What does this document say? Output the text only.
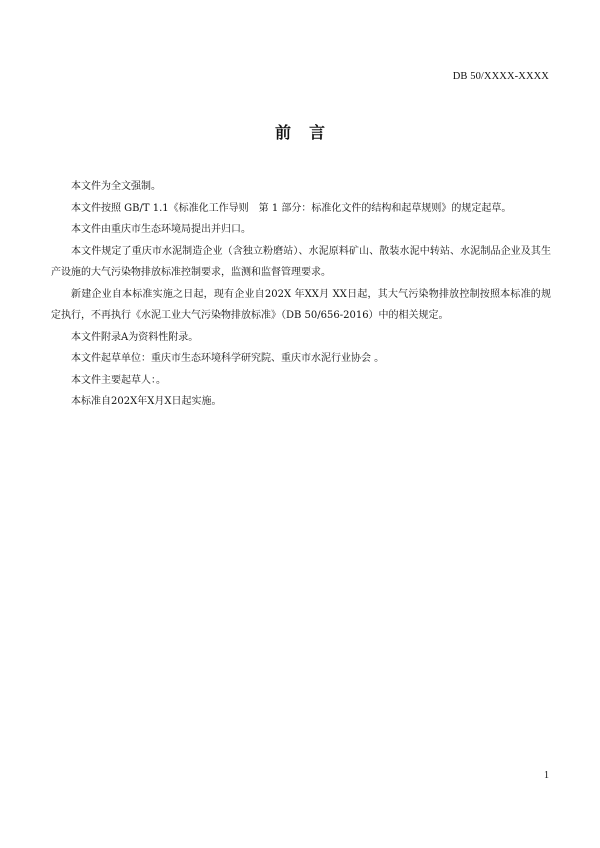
DB 50/XXXX-XXXX
前言

本文件为全文强制。

本文件按照 GB/T 1.1《标准化工作导则　第 1 部分：标准化文件的结构和起草规则》的规定起草。

本文件由重庆市生态环境局提出并归口。

本文件规定了重庆市水泥制造企业（含独立粉磨站）、水泥原料矿山、散装水泥中转站、水泥制品企业及其生产设施的大气污染物排放标准控制要求，监测和监督管理要求。

新建企业自本标准实施之日起，现有企业自202X 年XX月 XX日起，其大气污染物排放控制按照本标准的规定执行，不再执行《水泥工业大气污染物排放标准》（DB 50/656-2016）中的相关规定。

本文件附录A为资料性附录。

本文件起草单位：重庆市生态环境科学研究院、重庆市水泥行业协会 。

本文件主要起草人：。

本标准自202X年X月X日起实施。

1
